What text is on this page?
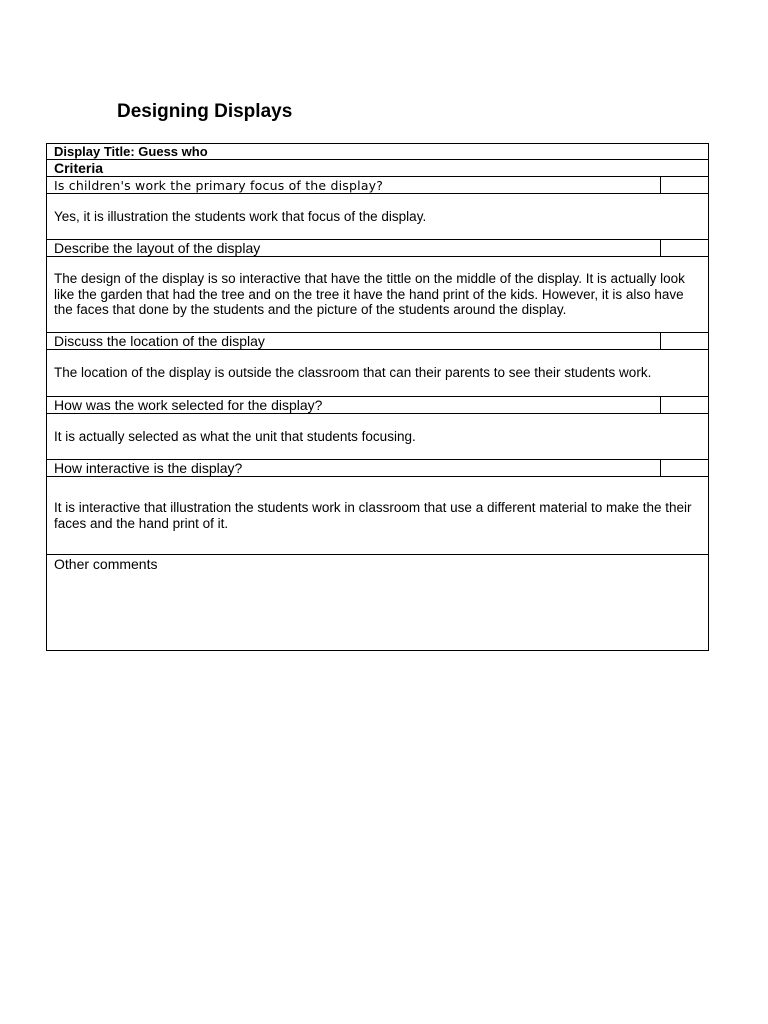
Designing Displays
Display Title: Guess who	
Criteria	
Is children's work the primary focus of the display?	
Yes, it is illustration the students work that focus of the display.	
Describe the layout of the display	
The design of the display is so interactive that have the tittle on the middle of the display. It is actually look like the garden that had the tree and on the tree it have the hand print of the kids. However, it is also have the faces that done by the students and the picture of the students around the display.	
Discuss the location of the display	
The location of the display is outside the classroom that can their parents to see their students work.	
How was the work selected for the display?	
It is actually selected as what the unit that students focusing.	
How interactive is the display?	
It is interactive that illustration the students work in classroom that use a different material to make the their faces and the hand print of it.	
Other comments	
